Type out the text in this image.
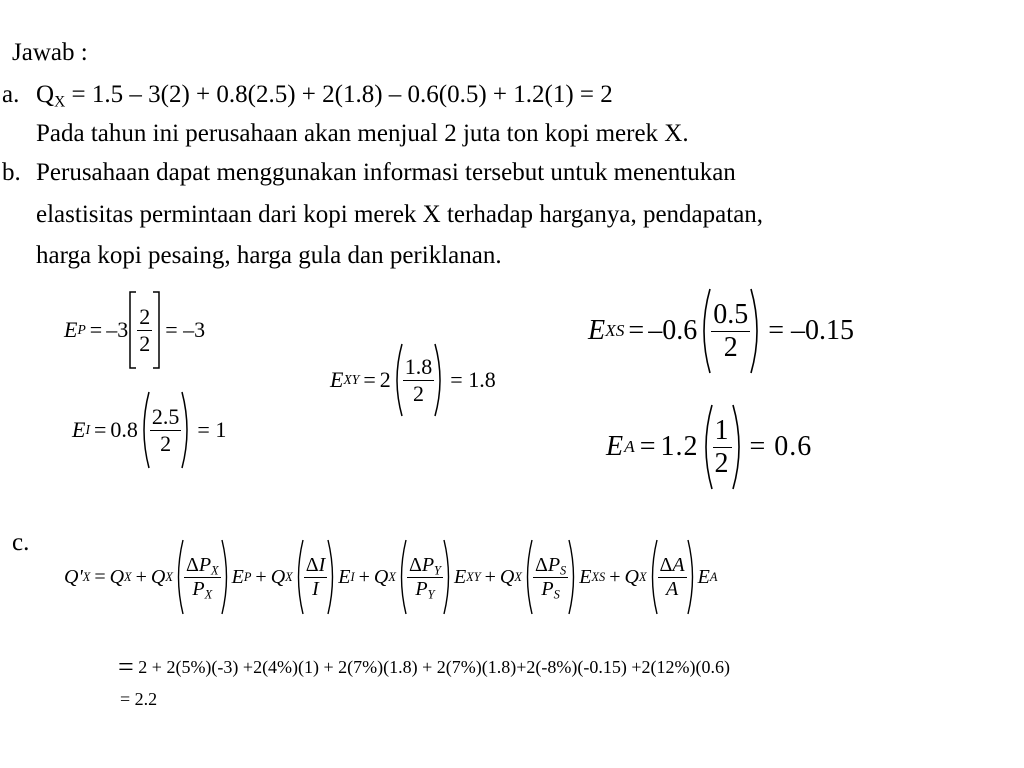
Jawab :
a. $Q_X = 1.5 - 3(2) + 0.8(2.5) + 2(1.8) - 0.6(0.5) + 1.2(1) = 2$
Pada tahun ini perusahaan akan menjual 2 juta ton kopi merek X.
b. Perusahaan dapat menggunakan informasi tersebut untuk menentukan
elastisitas permintaan dari kopi merek X terhadap harganya, pendapatan,
harga kopi pesaing, harga gula dan periklanan.
E $P = -3 \frac{2}{2} = -3$
E $I = 0.8 \frac{2.5}{2} = 1$
E XY = $2 \frac{1.8}{2} = 1.8$
E XS = $-0.6 \frac{0.5}{2} = -0.15$
E $A = 1.2 \frac{1}{2} = 0.6$
c.
Q' X = Q X + Q X $\frac{\Delta P_X}{P_X}$ E P + Q X $\frac{\Delta I}{I}$ E I + Q X $\frac{\Delta P_Y}{P_Y}$ E XY + Q X $\frac{\Delta P_S}{P_S}$ E XS + Q X $\frac{\Delta A}{A}$ E A
= 2 + 2(5%)(-3) +2(4%)(1) + 2(7%)(1.8) + 2(7%)(1.8)+2(-8%)(-0.15) +2(12%)(0.6)
= 2.2
